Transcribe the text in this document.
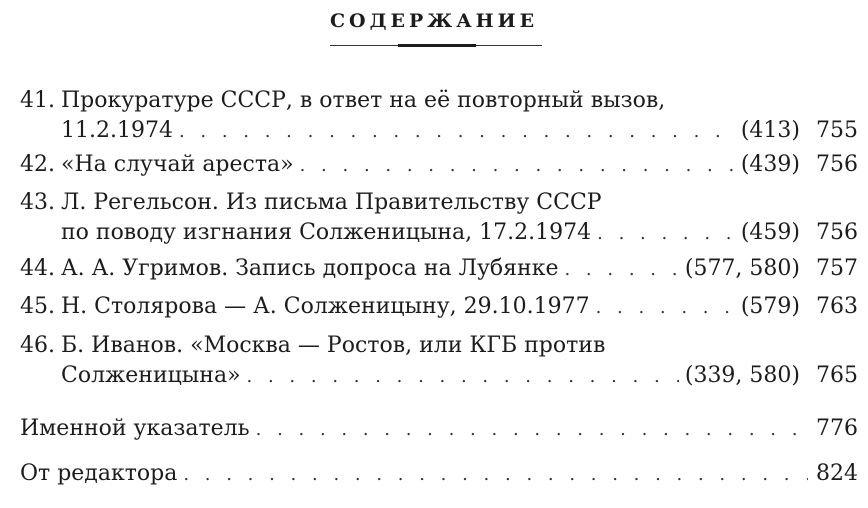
СОДЕРЖАНИЕ
41. Прокуратуре СССР, в ответ на её повторный вызов,
11.2.1974 . . .	(413) 755
42. «На случай ареста» . . .	(439) 756
43. Л. Регельсон. Из письма Правительству СССР
по поводу изгнания Солженицына, 17.2.1974 . . .	(459) 756
44. А. А. Угримов. Запись допроса на Лубянке . . .	(577, 580) 757
45. Н. Столярова — А. Солженицыну, 29.10.1977 . . .	(579) 763
46. Б. Иванов. «Москва — Ростов, или КГБ против
Солженицына» . . .	(339, 580) 765
Именной указатель . . .	776
От редактора . . .	824
